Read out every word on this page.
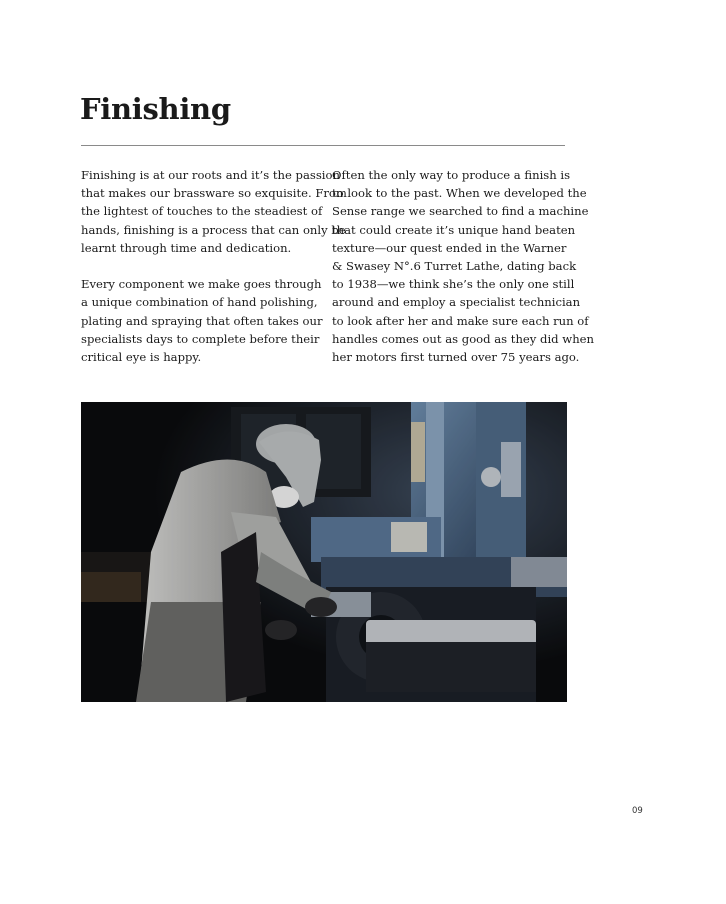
Finishing

Finishing is at our roots and it’s the passion
that makes our brassware so exquisite. From
the lightest of touches to the steadiest of
hands, finishing is a process that can only be
learnt through time and dedication.

Every component we make goes through
a unique combination of hand polishing,
plating and spraying that often takes our
specialists days to complete before their
critical eye is happy.

Often the only way to produce a finish is
to look to the past. When we developed the
Sense range we searched to find a machine
that could create it’s unique hand beaten
texture—our quest ended in the Warner
& Swasey N°.6 Turret Lathe, dating back
to 1938—we think she’s the only one still
around and employ a specialist technician
to look after her and make sure each run of
handles comes out as good as they did when
her motors first turned over 75 years ago.

09
